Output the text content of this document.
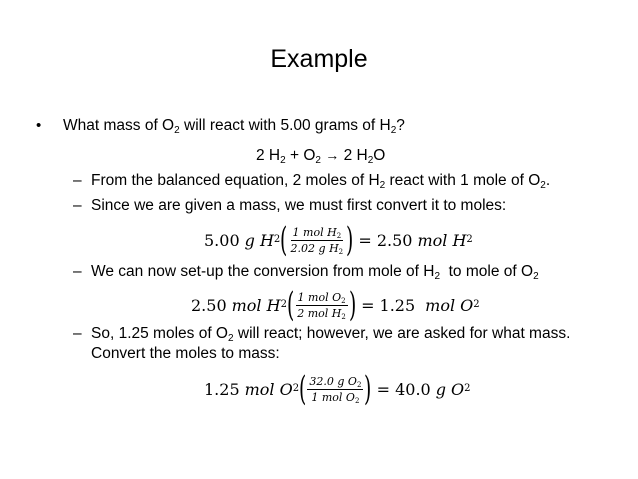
Example
• What mass of $O_2$ will react with 5.00 grams of $H_2$?
2 $H_2 + O_2 \to 2$ $H_2O$
– From the balanced equation, 2 moles of $H_2$ react with 1 mole of $O_2$.
– Since we are given a mass, we must first convert it to moles:
5.00 g H 2 ( $\frac{1 mol H_2}{2.02 g H_2}$ ) = 2.50 mol H 2
– We can now set-up the conversion from mole of $H_2$  to mole of $O_2$
2.50 mol H 2 ( $\frac{1 mol O_2}{2 mol H_2}$ ) = 1.25 mol O 2
– So, 1.25 moles of $O_2$ will react; however, we are asked for what mass.
Convert the moles to mass:
1.25 mol O 2 ( $\frac{32.0 g O_2}{1 mol O_2}$ ) = 40.0 g O 2
